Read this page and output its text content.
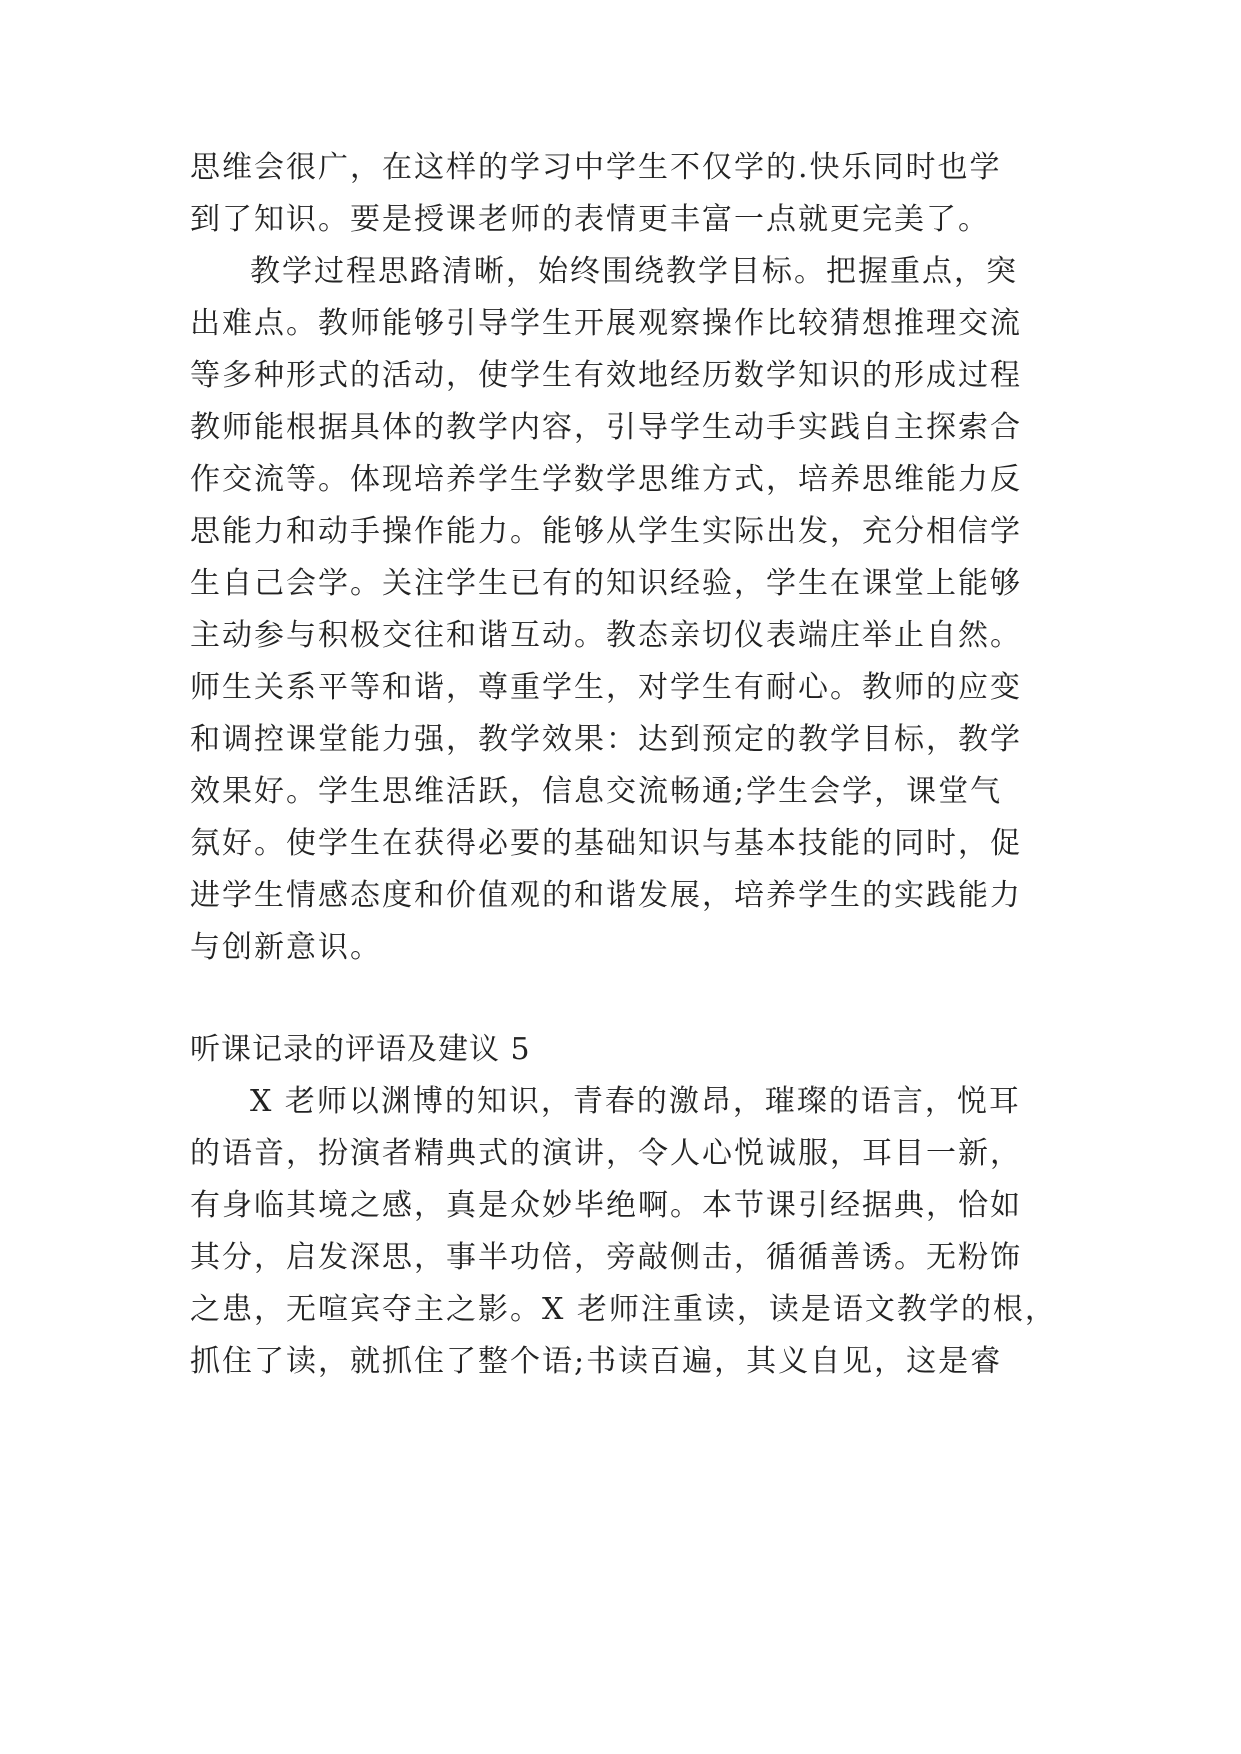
思维会很广，在这样的学习中学生不仅学的.快乐同时也学
到了知识。要是授课老师的表情更丰富一点就更完美了。
教学过程思路清晰，始终围绕教学目标。把握重点，突
出难点。教师能够引导学生开展观察操作比较猜想推理交流
等多种形式的活动，使学生有效地经历数学知识的形成过程
教师能根据具体的教学内容，引导学生动手实践自主探索合
作交流等。体现培养学生学数学思维方式，培养思维能力反
思能力和动手操作能力。能够从学生实际出发，充分相信学
生自己会学。关注学生已有的知识经验，学生在课堂上能够
主动参与积极交往和谐互动。教态亲切仪表端庄举止自然。
师生关系平等和谐，尊重学生，对学生有耐心。教师的应变
和调控课堂能力强，教学效果：达到预定的教学目标，教学
效果好。学生思维活跃，信息交流畅通;学生会学，课堂气
氛好。使学生在获得必要的基础知识与基本技能的同时，促
进学生情感态度和价值观的和谐发展，培养学生的实践能力
与创新意识。
听课记录的评语及建议 5
X 老师以渊博的知识，青春的激昂，璀璨的语言，悦耳
的语音，扮演者精典式的演讲，令人心悦诚服，耳目一新，
有身临其境之感，真是众妙毕绝啊。本节课引经据典，恰如
其分，启发深思，事半功倍，旁敲侧击，循循善诱。无粉饰
之患，无喧宾夺主之影。X 老师注重读，读是语文教学的根，
抓住了读，就抓住了整个语;书读百遍，其义自见，这是睿
